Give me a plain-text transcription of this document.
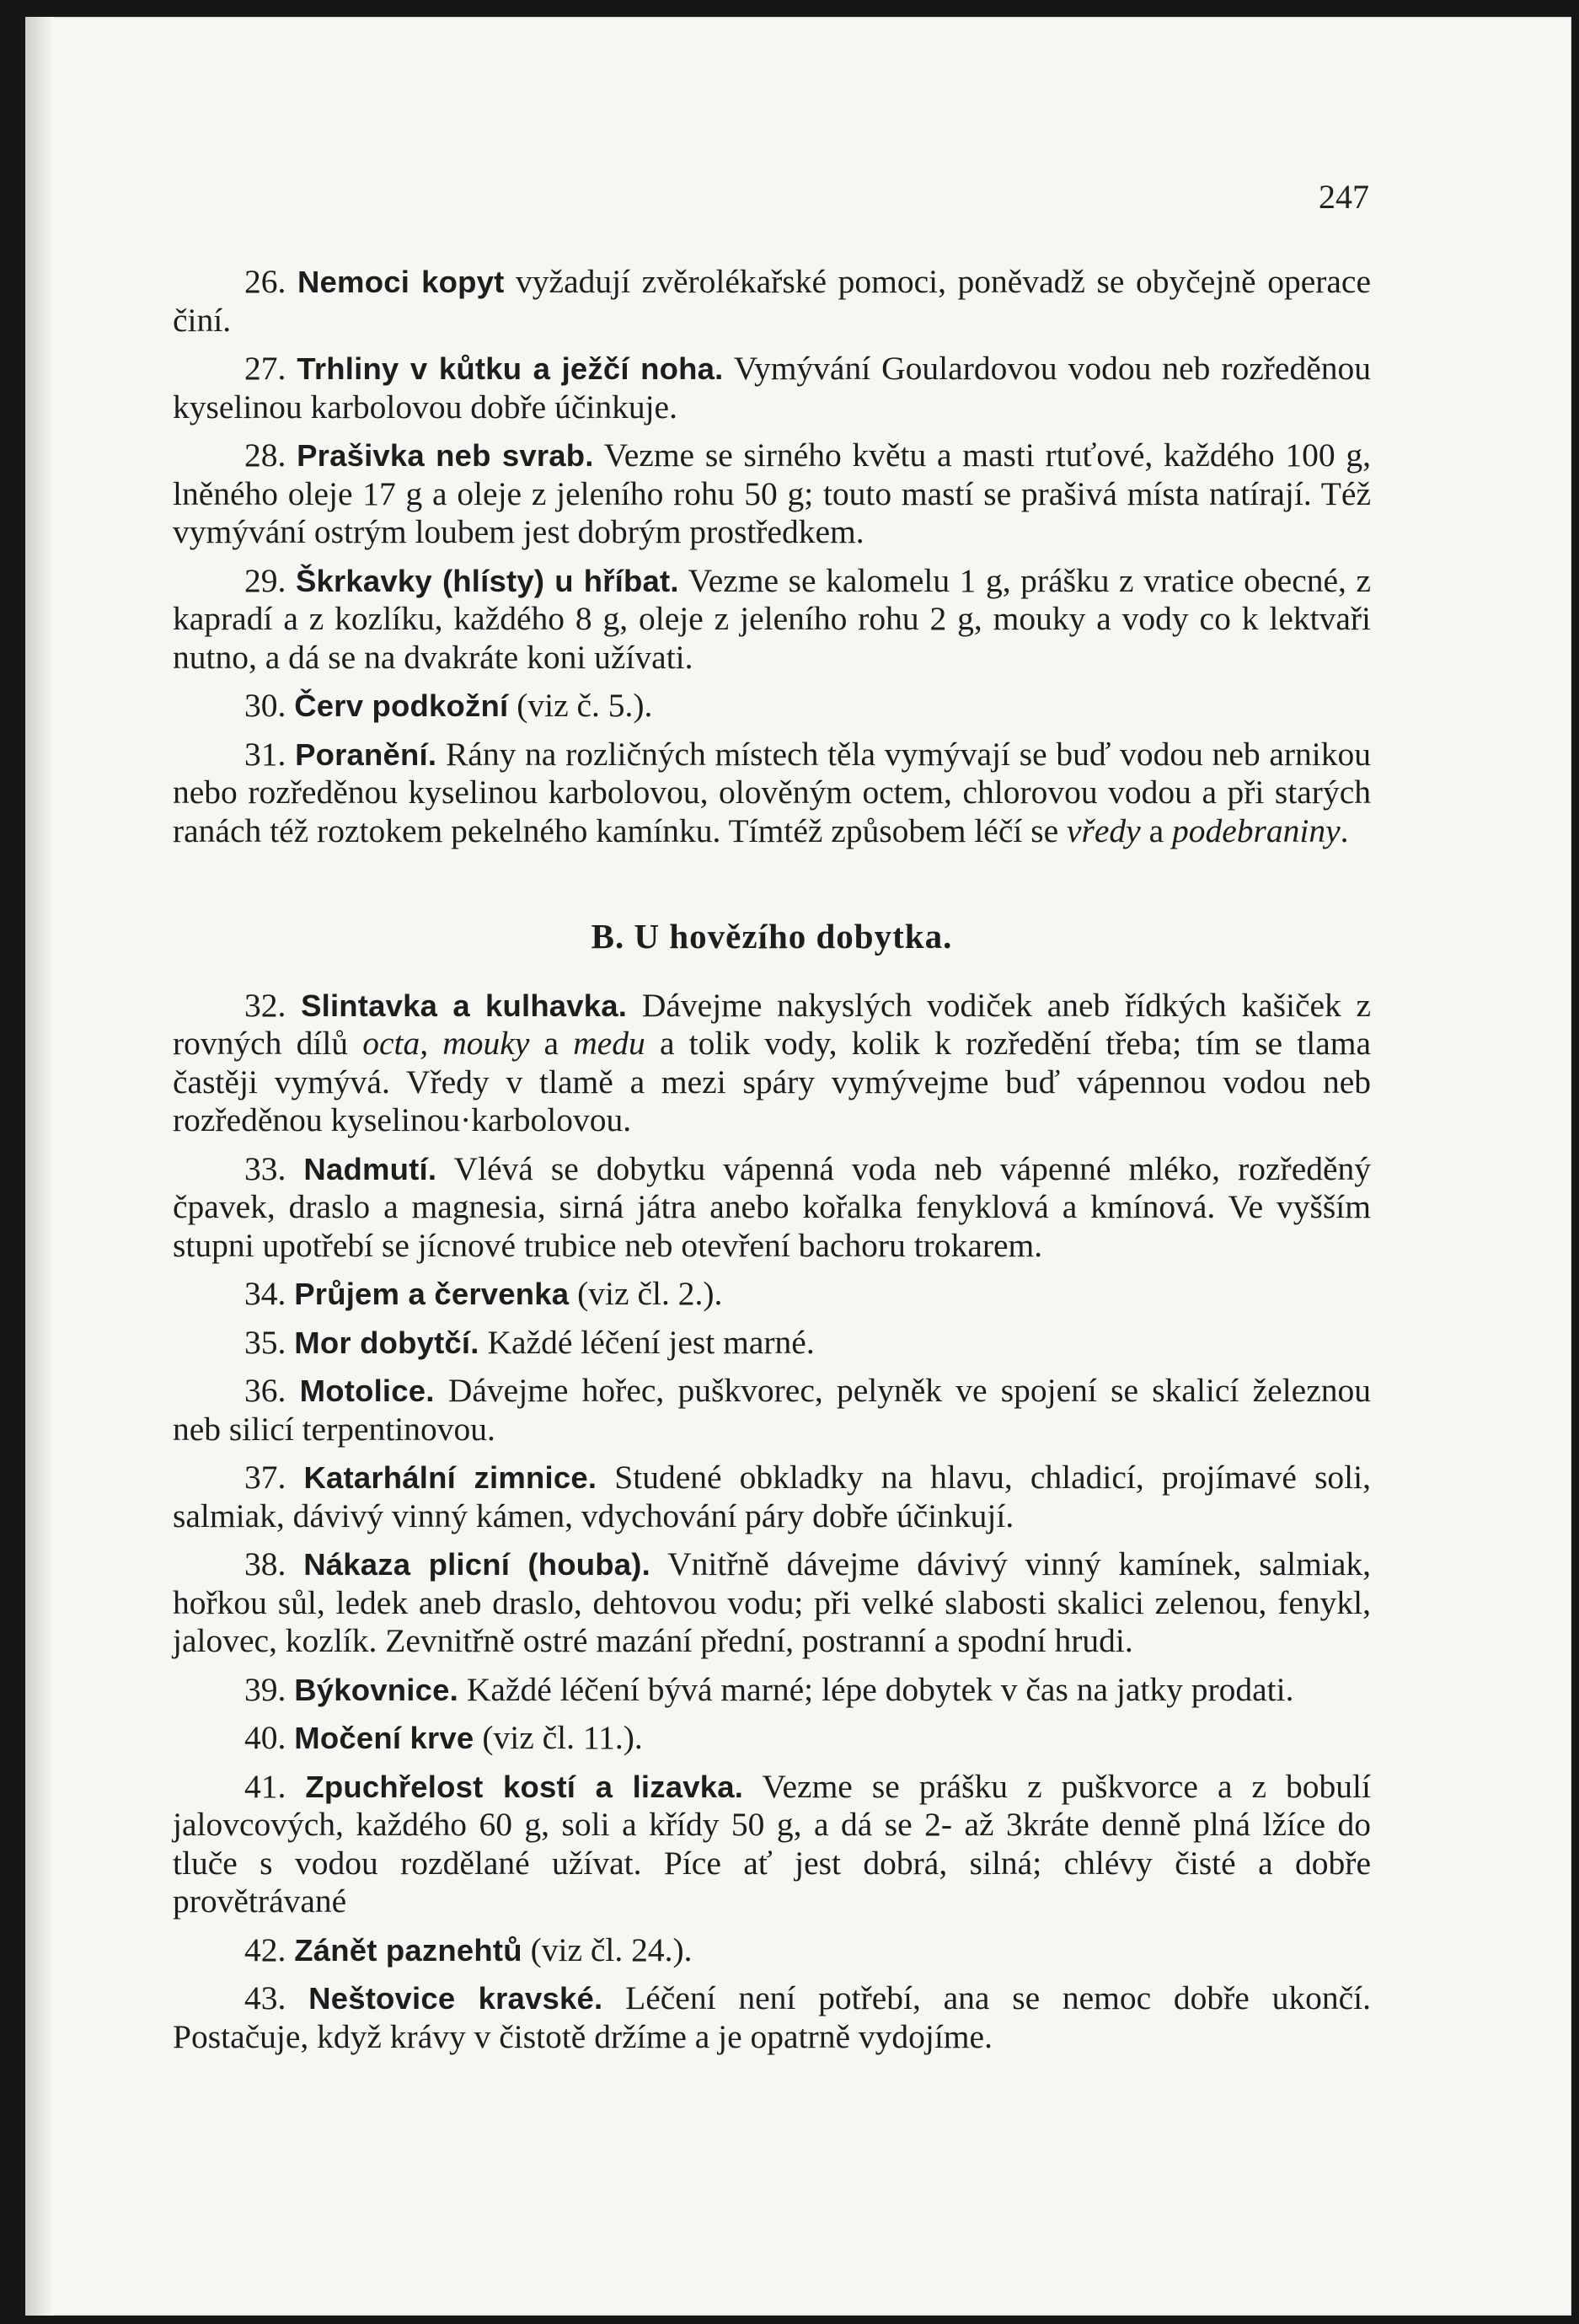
247

26. Nemoci kopyt vyžadují zvěrolékařské pomoci, poněvadž se obyčejně operace činí.

27. Trhliny v kůtku a ježčí noha. Vymývání Goulardovou vodou neb rozředěnou kyselinou karbolovou dobře účinkuje.

28. Prašivka neb svrab. Vezme se sirného květu a masti rtuťové, každého 100 g, lněného oleje 17 g a oleje z jeleního rohu 50 g; touto mastí se prašivá místa natírají. Též vymývání ostrým loubem jest dobrým prostředkem.

29. Škrkavky (hlísty) u hříbat. Vezme se kalomelu 1 g, prášku z vratice obecné, z kapradí a z kozlíku, každého 8 g, oleje z jeleního rohu 2 g, mouky a vody co k lektvaři nutno, a dá se na dvakráte koni užívati.

30. Červ podkožní (viz č. 5.).

31. Poranění. Rány na rozličných místech těla vymývají se buď vodou neb arnikou nebo rozředěnou kyselinou karbolovou, olověným octem, chlorovou vodou a při starých ranách též roztokem pekelného kamínku. Tímtéž způsobem léčí se vředy a podebraniny.

B. U hovězího dobytka.

32. Slintavka a kulhavka. Dávejme nakyslých vodiček aneb řídkých kašiček z rovných dílů octa, mouky a medu a tolik vody, kolik k rozředění třeba; tím se tlama častěji vymývá. Vředy v tlamě a mezi spáry vymývejme buď vápennou vodou neb rozředěnou kyselinou·karbolovou.

33. Nadmutí. Vlévá se dobytku vápenná voda neb vápenné mléko, rozředěný čpavek, draslo a magnesia, sirná játra anebo kořalka fenyklová a kmínová. Ve vyšším stupni upotřebí se jícnové trubice neb otevření bachoru trokarem.

34. Průjem a červenka (viz čl. 2.).

35. Mor dobytčí. Každé léčení jest marné.

36. Motolice. Dávejme hořec, puškvorec, pelyněk ve spojení se skalicí železnou neb silicí terpentinovou.

37. Katarhální zimnice. Studené obkladky na hlavu, chladicí, projímavé soli, salmiak, dávivý vinný kámen, vdychování páry dobře účinkují.

38. Nákaza plicní (houba). Vnitřně dávejme dávivý vinný kamínek, salmiak, hořkou sůl, ledek aneb draslo, dehtovou vodu; při velké slabosti skalici zelenou, fenykl, jalovec, kozlík. Zevnitřně ostré mazání přední, postranní a spodní hrudi.

39. Býkovnice. Každé léčení bývá marné; lépe dobytek v čas na jatky prodati.

40. Močení krve (viz čl. 11.).

41. Zpuchřelost kostí a lizavka. Vezme se prášku z puškvorce a z bobulí jalovcových, každého 60 g, soli a křídy 50 g, a dá se 2- až 3kráte denně plná lžíce do tluče s vodou rozdělané užívat. Píce ať jest dobrá, silná; chlévy čisté a dobře provětrávané

42. Zánět paznehtů (viz čl. 24.).

43. Neštovice kravské. Léčení není potřebí, ana se nemoc dobře ukončí. Postačuje, když krávy v čistotě držíme a je opatrně vydojíme.
